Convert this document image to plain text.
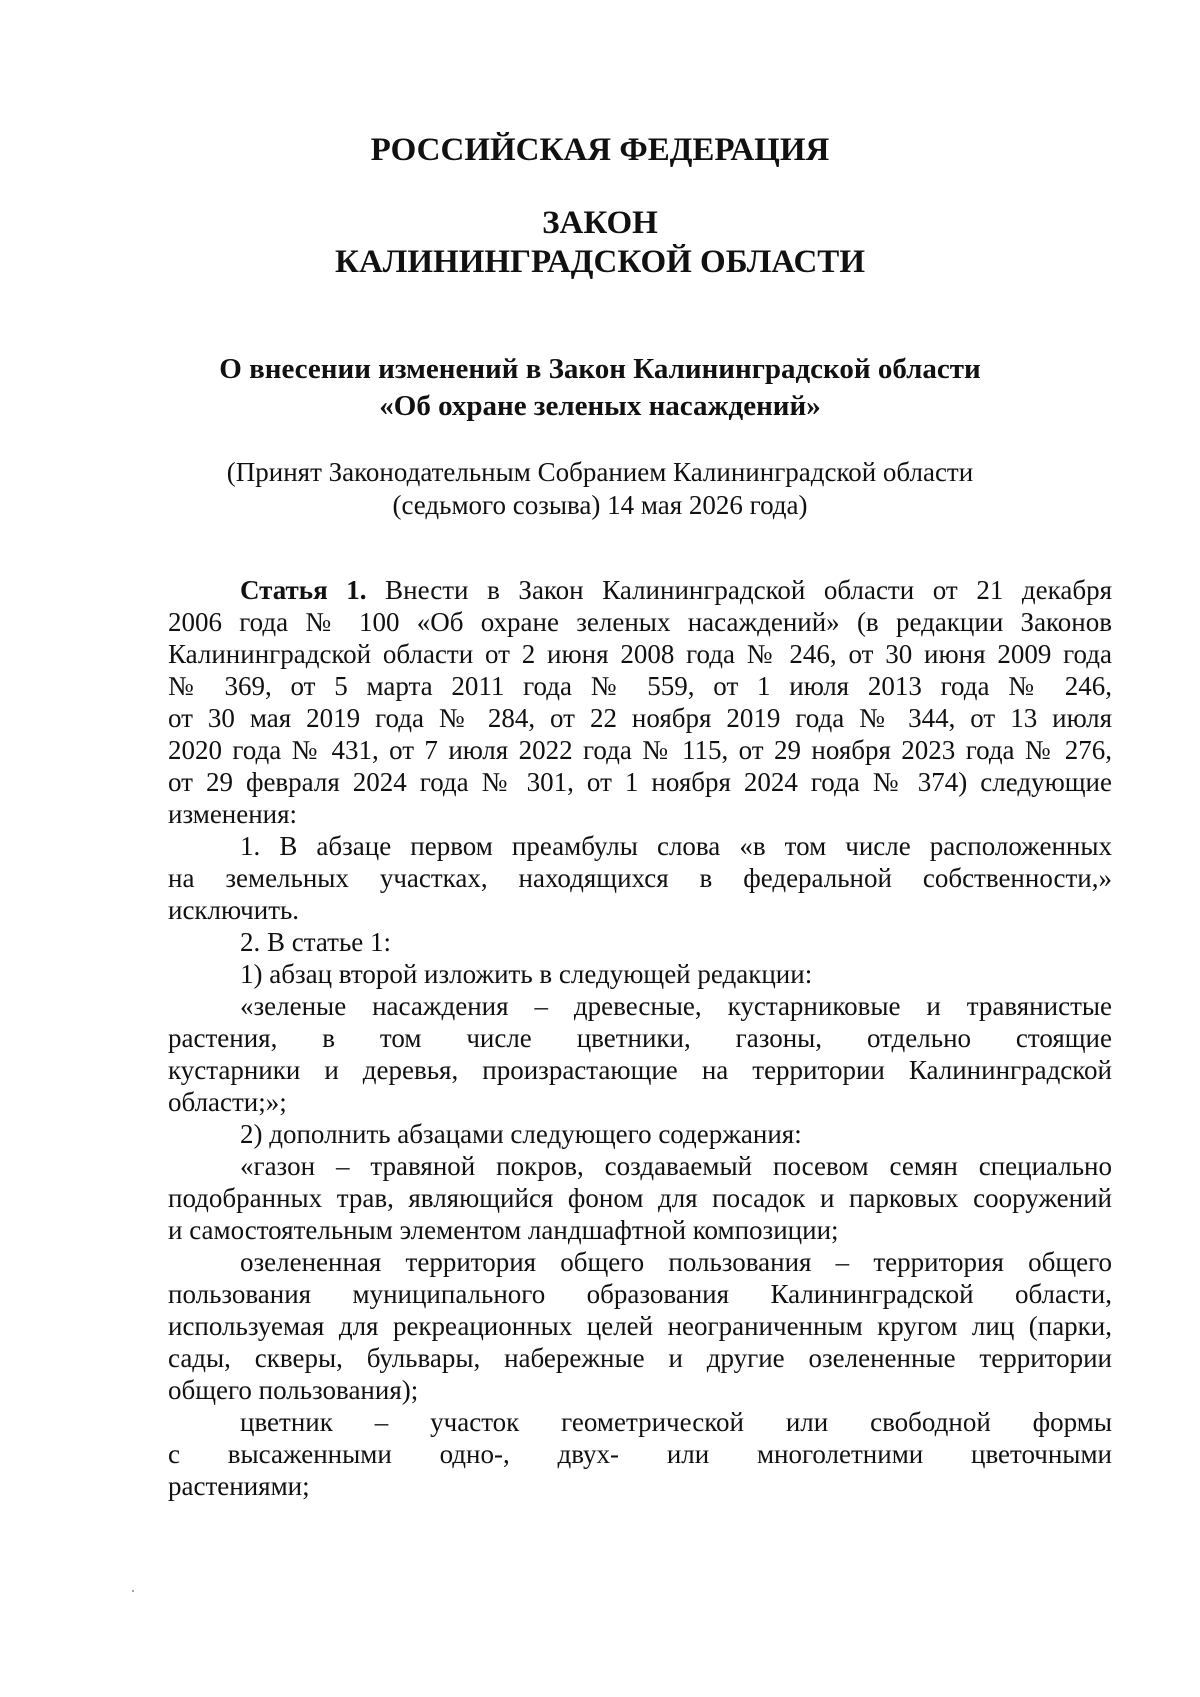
РОССИЙСКАЯ ФЕДЕРАЦИЯ
ЗАКОН
КАЛИНИНГРАДСКОЙ ОБЛАСТИ
О внесении изменений в Закон Калининградской области
«Об охране зеленых насаждений»
(Принят Законодательным Собранием Калининградской области
(седьмого созыва) 14 мая 2026 года)

Статья 1. Внести в Закон Калининградской области от 21 декабря

2006 года № 100 «Об охране зеленых насаждений» (в редакции Законов

Калининградской области от 2 июня 2008 года № 246, от 30 июня 2009 года

№ 369, от 5 марта 2011 года № 559, от 1 июля 2013 года № 246,

от 30 мая 2019 года № 284, от 22 ноября 2019 года № 344, от 13 июля

2020 года № 431, от 7 июля 2022 года № 115, от 29 ноября 2023 года № 276,

от 29 февраля 2024 года № 301, от 1 ноября 2024 года № 374) следующие

изменения:

1. В абзаце первом преамбулы слова «в том числе расположенных

на земельных участках, находящихся в федеральной собственности,»

исключить.

2. В статье 1:

1) абзац второй изложить в следующей редакции:

«зеленые насаждения – древесные, кустарниковые и травянистые

растения, в том числе цветники, газоны, отдельно стоящие

кустарники и деревья, произрастающие на территории Калининградской

области;»;

2) дополнить абзацами следующего содержания:

«газон – травяной покров, создаваемый посевом семян специально

подобранных трав, являющийся фоном для посадок и парковых сооружений

и самостоятельным элементом ландшафтной композиции;

озелененная территория общего пользования – территория общего

пользования муниципального образования Калининградской области,

используемая для рекреационных целей неограниченным кругом лиц (парки,

сады, скверы, бульвары, набережные и другие озелененные территории

общего пользования);

цветник – участок геометрической или свободной формы

с высаженными одно-, двух- или многолетними цветочными

растениями;
